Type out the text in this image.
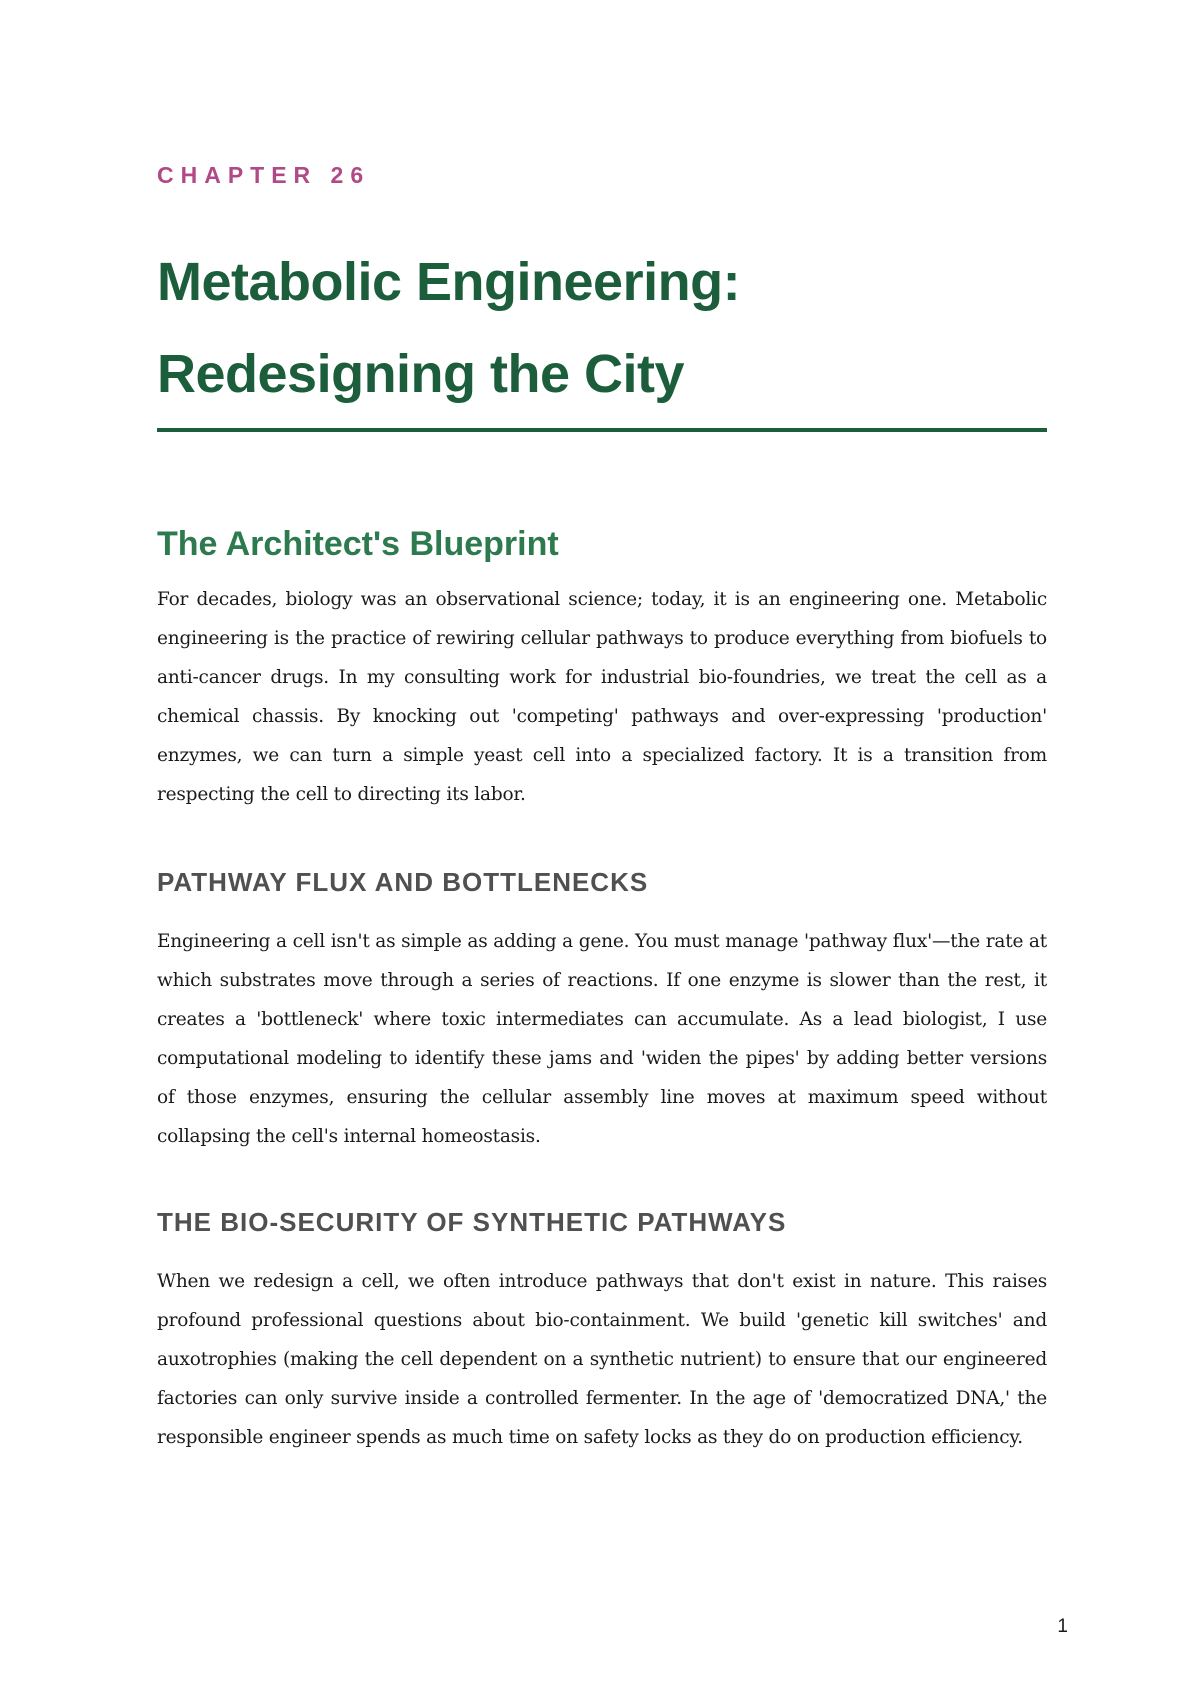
CHAPTER 26
Metabolic Engineering: Redesigning the City
The Architect's Blueprint

For decades, biology was an observational science; today, it is an engineering one. Metabolic engineering is the practice of rewiring cellular pathways to produce everything from biofuels to anti-cancer drugs. In my consulting work for industrial bio-foundries, we treat the cell as a chemical chassis. By knocking out 'competing' pathways and over-expressing 'production' enzymes, we can turn a simple yeast cell into a specialized factory. It is a transition from respecting the cell to directing its labor.

PATHWAY FLUX AND BOTTLENECKS

Engineering a cell isn't as simple as adding a gene. You must manage 'pathway flux'—the rate at which substrates move through a series of reactions. If one enzyme is slower than the rest, it creates a 'bottleneck' where toxic intermediates can accumulate. As a lead biologist, I use computational modeling to identify these jams and 'widen the pipes' by adding better versions of those enzymes, ensuring the cellular assembly line moves at maximum speed without collapsing the cell's internal homeostasis.

THE BIO-SECURITY OF SYNTHETIC PATHWAYS

When we redesign a cell, we often introduce pathways that don't exist in nature. This raises profound professional questions about bio-containment. We build 'genetic kill switches' and auxotrophies (making the cell dependent on a synthetic nutrient) to ensure that our engineered factories can only survive inside a controlled fermenter. In the age of 'democratized DNA,' the responsible engineer spends as much time on safety locks as they do on production efficiency.

1
